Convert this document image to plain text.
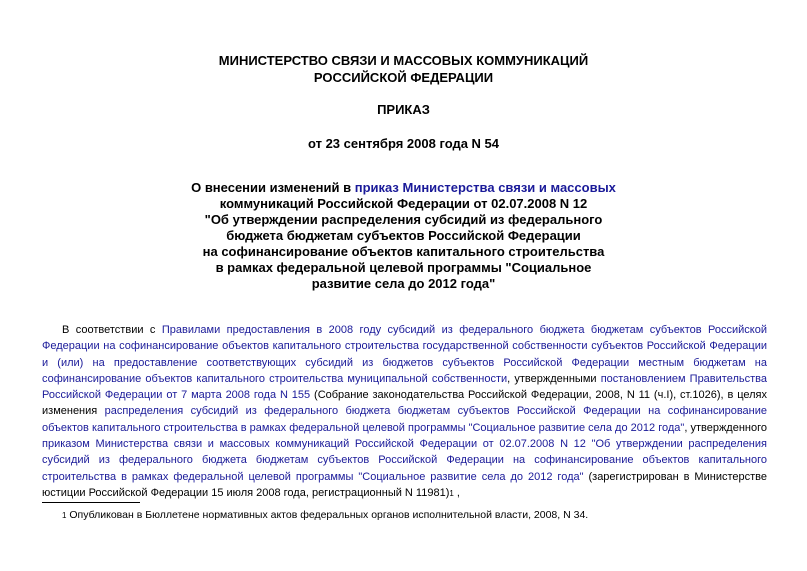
МИНИСТЕРСТВО СВЯЗИ И МАССОВЫХ КОММУНИКАЦИЙ
РОССИЙСКОЙ ФЕДЕРАЦИИ
ПРИКАЗ
от 23 сентября 2008 года N 54
О внесении изменений в приказ Министерства связи и массовых
коммуникаций Российской Федерации от 02.07.2008 N 12
"Об утверждении распределения субсидий из федерального
бюджета бюджетам субъектов Российской Федерации
на софинансирование объектов капитального строительства
в рамках федеральной целевой программы "Социальное
развитие села до 2012 года"
В соответствии с Правилами предоставления в 2008 году субсидий из федерального бюджета бюджетам субъектов Российской Федерации на софинансирование объектов капитального строительства государственной собственности субъектов Российской Федерации и (или) на предоставление соответствующих субсидий из бюджетов субъектов Российской Федерации местным бюджетам на софинансирование объектов капитального строительства муниципальной собственности, утвержденными постановлением Правительства Российской Федерации от 7 марта 2008 года N 155 (Собрание законодательства Российской Федерации, 2008, N 11 (ч.I), ст.1026), в целях изменения распределения субсидий из федерального бюджета бюджетам субъектов Российской Федерации на софинансирование объектов капитального строительства в рамках федеральной целевой программы "Социальное развитие села до 2012 года", утвержденного приказом Министерства связи и массовых коммуникаций Российской Федерации от 02.07.2008 N 12 "Об утверждении распределения субсидий из федерального бюджета бюджетам субъектов Российской Федерации на софинансирование объектов капитального строительства в рамках федеральной целевой программы "Социальное развитие села до 2012 года" (зарегистрирован в Министерстве юстиции Российской Федерации 15 июля 2008 года, регистрационный N 11981)1 ,
1 Опубликован в Бюллетене нормативных актов федеральных органов исполнительной власти, 2008, N 34.
